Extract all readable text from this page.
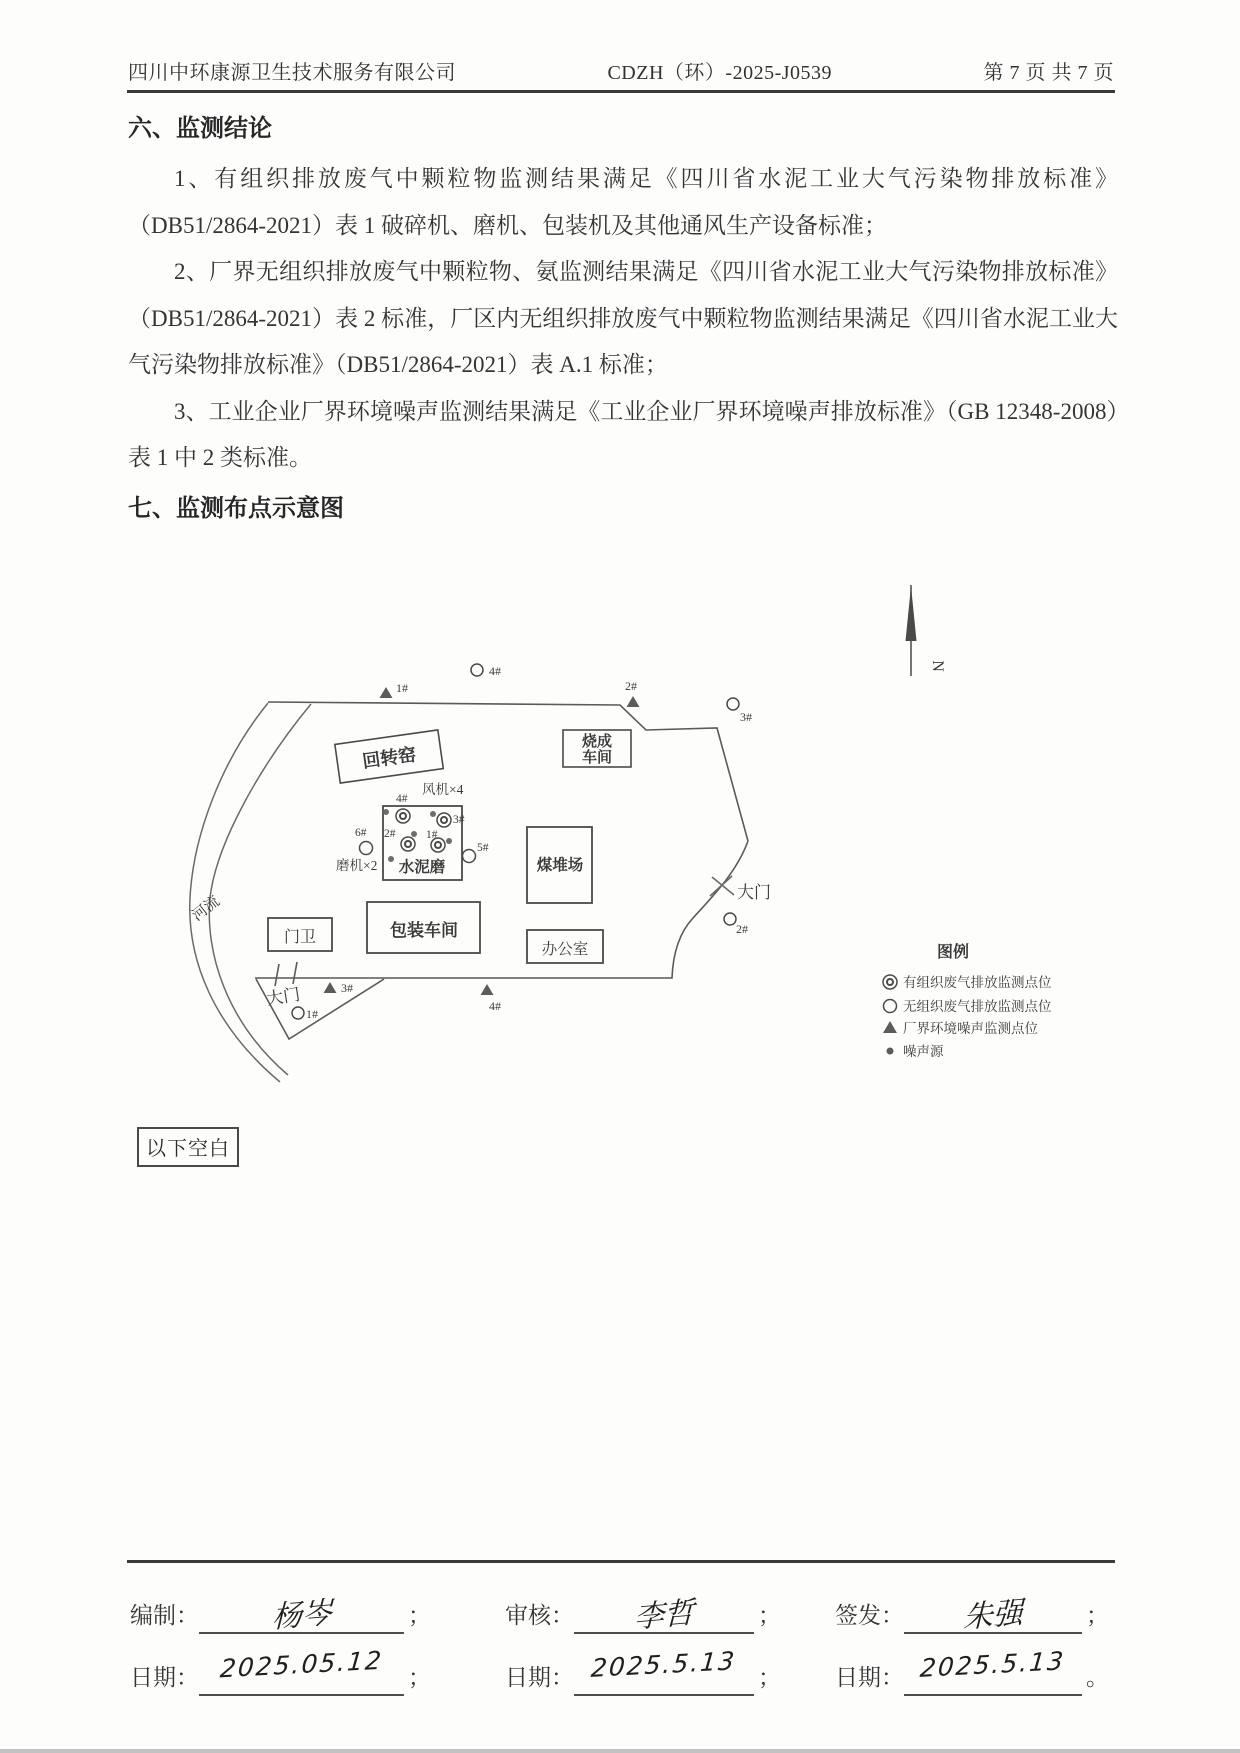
四川中环康源卫生技术服务有限公司	CDZH（环）-2025-J0539	第 7 页 共 7 页
六、监测结论

1、有组织排放废气中颗粒物监测结果满足《四川省水泥工业大气污染物排放标准》（DB51/2864-2021）表 1 破碎机、磨机、包装机及其他通风生产设备标准；

2、厂界无组织排放废气中颗粒物、氨监测结果满足《四川省水泥工业大气污染物排放标准》（DB51/2864-2021）表 2 标准，厂区内无组织排放废气中颗粒物监测结果满足《四川省水泥工业大气污染物排放标准》（DB51/2864-2021）表 A.1 标准；

3、工业企业厂界环境噪声监测结果满足《工业企业厂界环境噪声排放标准》（GB 12348-2008）表 1 中 2 类标准。

七、监测布点示意图
N
河流
大门
大门
回转窑
烧成
车间
风机×4
磨机×2 水泥磨
4#
3#
2#	1#
6#
5#
煤堆场
门卫	包装车间
办公室
1#	2#
3#
4#
4#
3#
2#
1#
图例
有组织废气排放监测点位
无组织废气排放监测点位
厂界环境噪声监测点位
噪声源
以下空白
编制：	杨岑	；	审核：	李哲	； 签发：	朱强	；
日期： 2025.05.12	；	日期： 2025.5.13 ； 日期： 2025.5.13 。
